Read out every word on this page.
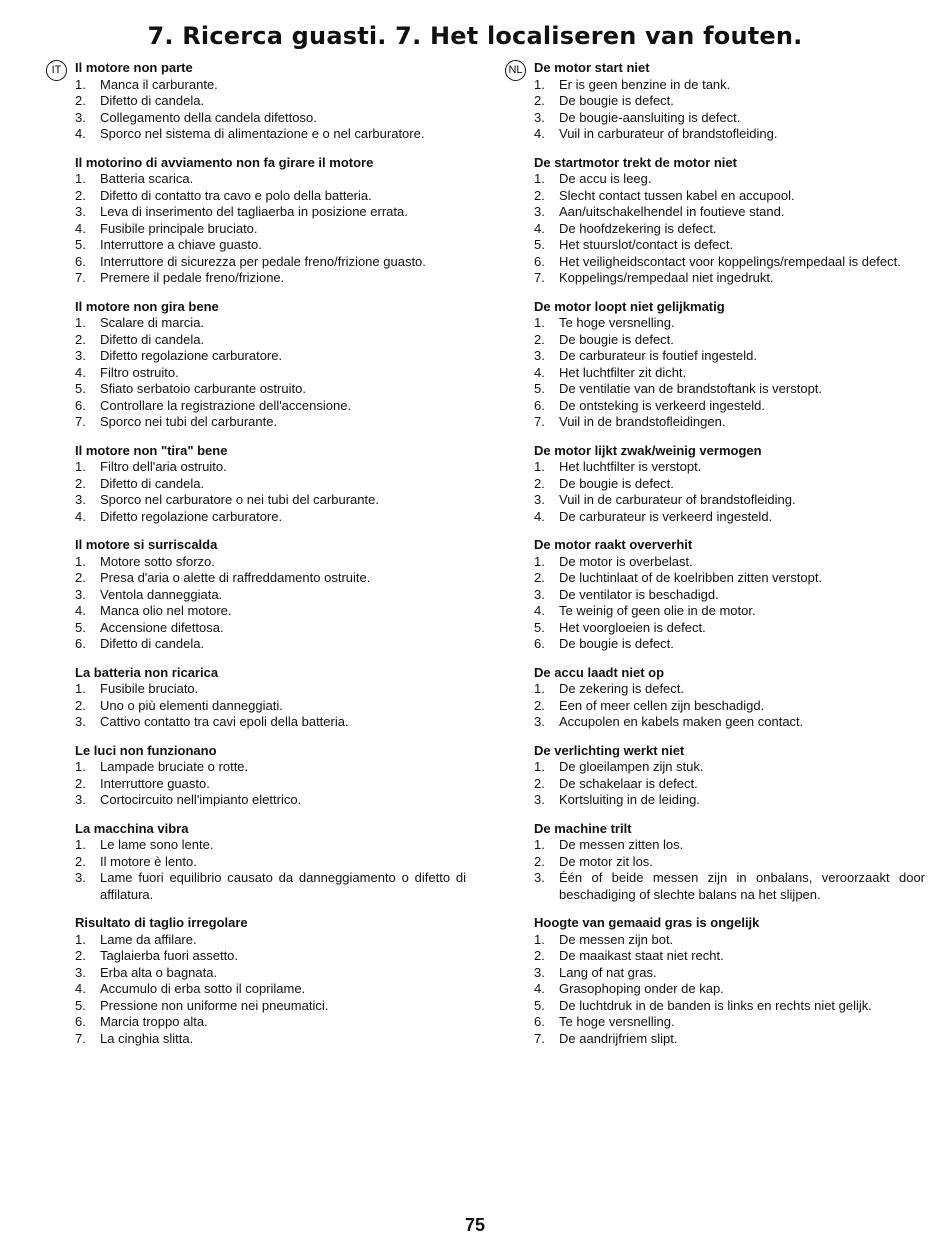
7. Ricerca guasti. 7. Het localiseren van fouten.
IT	Il motore non parte
1. Manca il carburante.
2. Difetto di candela.
3. Collegamento della candela difettoso.
4. Sporco nel sistema di alimentazione e o nel carburatore.
Il motorino di avviamento non fa girare il motore
1. Batteria scarica.
2. Difetto di contatto tra cavo e polo della batteria.
3. Leva di inserimento del tagliaerba in posizione errata.
4. Fusibile principale bruciato.
5. Interruttore a chiave guasto.
6. Interruttore di sicurezza per pedale freno/frizione guasto.
7. Premere il pedale freno/frizione.
Il motore non gira bene
1. Scalare di marcia.
2. Difetto di candela.
3. Difetto regolazione carburatore.
4. Filtro ostruito.
5. Sfiato serbatoio carburante ostruito.
6. Controllare la registrazione dell'accensione.
7. Sporco nei tubi del carburante.
Il motore non "tira" bene
1. Filtro dell'aria ostruito.
2. Difetto di candela.
3. Sporco nel carburatore o nei tubi del carburante.
4. Difetto regolazione carburatore.
Il motore si surriscalda
1. Motore sotto sforzo.
2. Presa d'aria o alette di raffreddamento ostruite.
3. Ventola danneggiata.
4. Manca olio nel motore.
5. Accensione difettosa.
6. Difetto di candela.
La batteria non ricarica
1. Fusibile bruciato.
2. Uno o più elementi danneggiati.
3. Cattivo contatto tra cavi epoli della batteria.
Le luci non funzionano
1. Lampade bruciate o rotte.
2. Interruttore guasto.
3. Cortocircuito nell'impianto elettrico.
La macchina vibra
1. Le lame sono lente.
2. Il motore è lento.
3. Lame fuori equilibrio causato da danneggiamento o difetto di affilatura.
Risultato di taglio irregolare
1. Lame da affilare.
2. Taglaierba fuori assetto.
3. Erba alta o bagnata.
4. Accumulo di erba sotto il coprilame.
5. Pressione non uniforme nei pneumatici.
6. Marcia troppo alta.
7. La cinghia slitta.
NL De motor start niet
1. Er is geen benzine in de tank.
2. De bougie is defect.
3. De bougie-aansluiting is defect.
4. Vuil in carburateur of brandstofleiding.
De startmotor trekt de motor niet
1. De accu is leeg.
2. Slecht contact tussen kabel en accupool.
3. Aan/uitschakelhendel in foutieve stand.
4. De hoofdzekering is defect.
5. Het stuurslot/contact is defect.
6. Het veiligheidscontact voor koppelings/rempedaal is defect.
7. Koppelings/rempedaal niet ingedrukt.
De motor loopt niet gelijkmatig
1. Te hoge versnelling.
2. De bougie is defect.
3. De carburateur is foutief ingesteld.
4. Het luchtfilter zit dicht.
5. De ventilatie van de brandstoftank is verstopt.
6. De ontsteking is verkeerd ingesteld.
7. Vuil in de brandstofleidingen.
De motor lijkt zwak/weinig vermogen
1. Het luchtfilter is verstopt.
2. De bougie is defect.
3. Vuil in de carburateur of brandstofleiding.
4. De carburateur is verkeerd ingesteld.
De motor raakt oververhit
1. De motor is overbelast.
2. De luchtinlaat of de koelribben zitten verstopt.
3. De ventilator is beschadigd.
4. Te weinig of geen olie in de motor.
5. Het voorgloeien is defect.
6. De bougie is defect.
De accu laadt niet op
1. De zekering is defect.
2. Een of meer cellen zijn beschadigd.
3. Accupolen en kabels maken geen contact.
De verlichting werkt niet
1. De gloeilampen zijn stuk.
2. De schakelaar is defect.
3. Kortsluiting in de leiding.
De machine trilt
1. De messen zitten los.
2. De motor zit los.
3. Één of beide messen zijn in onbalans, veroorzaakt door beschadiging of slechte balans na het slijpen.
Hoogte van gemaaid gras is ongelijk
1. De messen zijn bot.
2. De maaikast staat niet recht.
3. Lang of nat gras.
4. Grasophoping onder de kap.
5. De luchtdruk in de banden is links en rechts niet gelijk.
6. Te hoge versnelling.
7. De aandrijfriem slipt.
75
